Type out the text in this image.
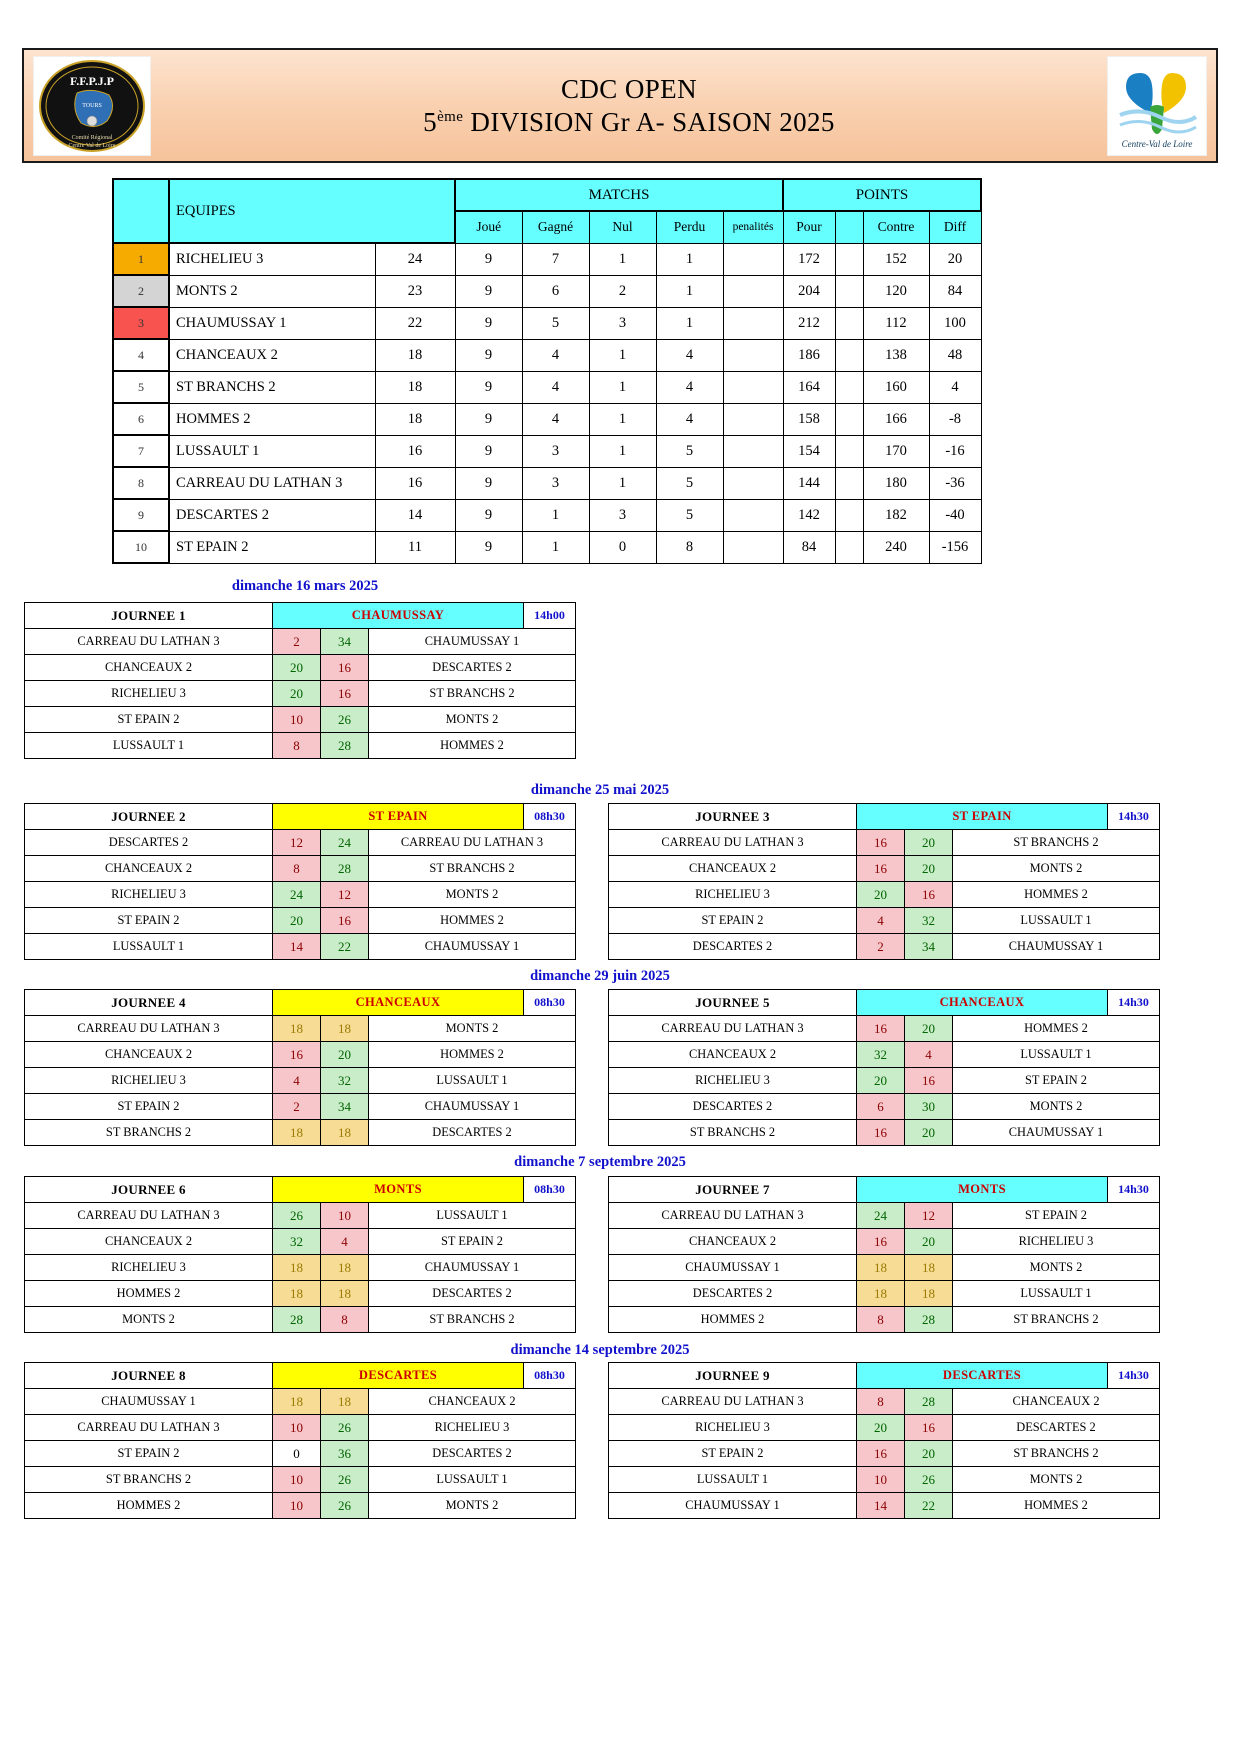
F.F.P.J.P
TOURS
Comité Régional
Centre Val de Loire
CDC OPEN
5ème DIVISION Gr A- SAISON 2025
Centre-Val de Loire
	EQUIPES		MATCHS					POINTS			
			Joué	Gagné	Nul	Perdu	penalités	Pour		Contre	Diff
1	RICHELIEU 3	24	9	7	1	1		172		152	20
2	MONTS 2	23	9	6	2	1		204		120	84
3	CHAUMUSSAY 1	22	9	5	3	1		212		112	100
4	CHANCEAUX 2	18	9	4	1	4		186		138	48
5	ST BRANCHS 2	18	9	4	1	4		164		160	4
6	HOMMES 2	18	9	4	1	4		158		166	-8
7	LUSSAULT 1	16	9	3	1	5		154		170	-16
8	CARREAU DU LATHAN 3	16	9	3	1	5		144		180	-36
9	DESCARTES 2	14	9	1	3	5		142		182	-40
10	ST EPAIN 2	11	9	1	0	8		84		240	-156
dimanche 16 mars 2025
dimanche 25 mai 2025
dimanche 29 juin 2025
dimanche 7 septembre 2025
dimanche 14 septembre 2025
JOURNEE 1	CHAUMUSSAY			14h00
CARREAU DU LATHAN 3	2	34	CHAUMUSSAY 1	
CHANCEAUX 2	20	16	DESCARTES 2	
RICHELIEU 3	20	16	ST BRANCHS 2	
ST EPAIN 2	10	26	MONTS 2	
LUSSAULT 1	8	28	HOMMES 2	
JOURNEE 2	ST EPAIN			08h30
DESCARTES 2	12	24	CARREAU DU LATHAN 3	
CHANCEAUX 2	8	28	ST BRANCHS 2	
RICHELIEU 3	24	12	MONTS 2	
ST EPAIN 2	20	16	HOMMES 2	
LUSSAULT 1	14	22	CHAUMUSSAY 1	
JOURNEE 3	ST EPAIN			14h30
CARREAU DU LATHAN 3	16	20	ST BRANCHS 2	
CHANCEAUX 2	16	20	MONTS 2	
RICHELIEU 3	20	16	HOMMES 2	
ST EPAIN 2	4	32	LUSSAULT 1	
DESCARTES 2	2	34	CHAUMUSSAY 1	
JOURNEE 4	CHANCEAUX			08h30
CARREAU DU LATHAN 3	18	18	MONTS 2	
CHANCEAUX 2	16	20	HOMMES 2	
RICHELIEU 3	4	32	LUSSAULT 1	
ST EPAIN 2	2	34	CHAUMUSSAY 1	
ST BRANCHS 2	18	18	DESCARTES 2	
JOURNEE 5	CHANCEAUX			14h30
CARREAU DU LATHAN 3	16	20	HOMMES 2	
CHANCEAUX 2	32	4	LUSSAULT 1	
RICHELIEU 3	20	16	ST EPAIN 2	
DESCARTES 2	6	30	MONTS 2	
ST BRANCHS 2	16	20	CHAUMUSSAY 1	
JOURNEE 6	MONTS			08h30
CARREAU DU LATHAN 3	26	10	LUSSAULT 1	
CHANCEAUX 2	32	4	ST EPAIN 2	
RICHELIEU 3	18	18	CHAUMUSSAY 1	
HOMMES 2	18	18	DESCARTES 2	
MONTS 2	28	8	ST BRANCHS 2	
JOURNEE 7	MONTS			14h30
CARREAU DU LATHAN 3	24	12	ST EPAIN 2	
CHANCEAUX 2	16	20	RICHELIEU 3	
CHAUMUSSAY 1	18	18	MONTS 2	
DESCARTES 2	18	18	LUSSAULT 1	
HOMMES 2	8	28	ST BRANCHS 2	
JOURNEE 8	DESCARTES			08h30
CHAUMUSSAY 1	18	18	CHANCEAUX 2	
CARREAU DU LATHAN 3	10	26	RICHELIEU 3	
ST EPAIN 2	0	36	DESCARTES 2	
ST BRANCHS 2	10	26	LUSSAULT 1	
HOMMES 2	10	26	MONTS 2	
JOURNEE 9	DESCARTES			14h30
CARREAU DU LATHAN 3	8	28	CHANCEAUX 2	
RICHELIEU 3	20	16	DESCARTES 2	
ST EPAIN 2	16	20	ST BRANCHS 2	
LUSSAULT 1	10	26	MONTS 2	
CHAUMUSSAY 1	14	22	HOMMES 2	
